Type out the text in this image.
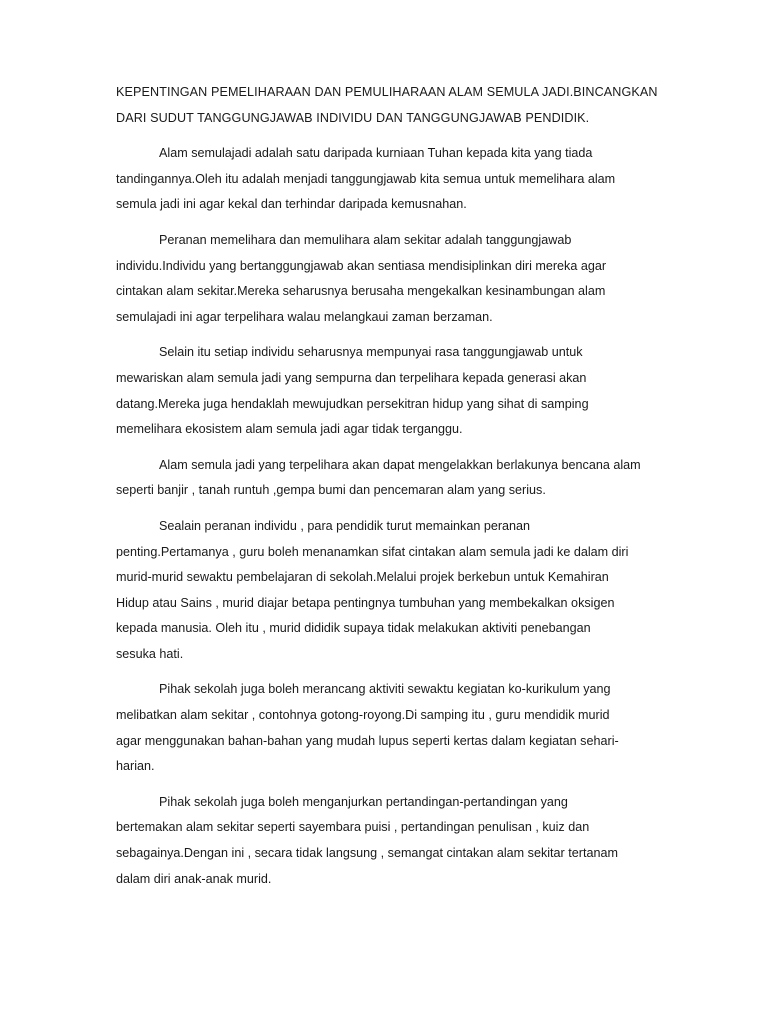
KEPENTINGAN PEMELIHARAAN DAN PEMULIHARAAN ALAM SEMULA JADI.BINCANGKAN
DARI SUDUT TANGGUNGJAWAB INDIVIDU DAN TANGGUNGJAWAB PENDIDIK.

Alam semulajadi adalah satu daripada kurniaan Tuhan kepada kita yang tiada
tandingannya.Oleh itu adalah menjadi tanggungjawab kita semua untuk memelihara alam
semula jadi ini agar kekal dan terhindar daripada kemusnahan.

Peranan memelihara dan memulihara alam sekitar adalah tanggungjawab
individu.Individu yang bertanggungjawab akan sentiasa mendisiplinkan diri mereka agar
cintakan alam sekitar.Mereka seharusnya berusaha mengekalkan kesinambungan alam
semulajadi ini agar terpelihara walau melangkaui zaman berzaman.

Selain itu setiap individu seharusnya mempunyai rasa tanggungjawab untuk
mewariskan alam semula jadi yang sempurna dan terpelihara kepada generasi akan
datang.Mereka juga hendaklah mewujudkan persekitran hidup yang sihat di samping
memelihara ekosistem alam semula jadi agar tidak terganggu.

Alam semula jadi yang terpelihara akan dapat mengelakkan berlakunya bencana alam
seperti banjir , tanah runtuh ,gempa bumi dan pencemaran alam yang serius.

Sealain peranan individu , para pendidik turut memainkan peranan
penting.Pertamanya , guru boleh menanamkan sifat cintakan alam semula jadi ke dalam diri
murid-murid sewaktu pembelajaran di sekolah.Melalui projek berkebun untuk Kemahiran
Hidup atau Sains , murid diajar betapa pentingnya tumbuhan yang membekalkan oksigen
kepada manusia. Oleh itu , murid dididik supaya tidak melakukan aktiviti penebangan
sesuka hati.

Pihak sekolah juga boleh merancang aktiviti sewaktu kegiatan ko-kurikulum yang
melibatkan alam sekitar , contohnya gotong-royong.Di samping itu , guru mendidik murid
agar menggunakan bahan-bahan yang mudah lupus seperti kertas dalam kegiatan sehari-
harian.

Pihak sekolah juga boleh menganjurkan pertandingan-pertandingan yang
bertemakan alam sekitar seperti sayembara puisi , pertandingan penulisan , kuiz dan
sebagainya.Dengan ini , secara tidak langsung , semangat cintakan alam sekitar tertanam
dalam diri anak-anak murid.
